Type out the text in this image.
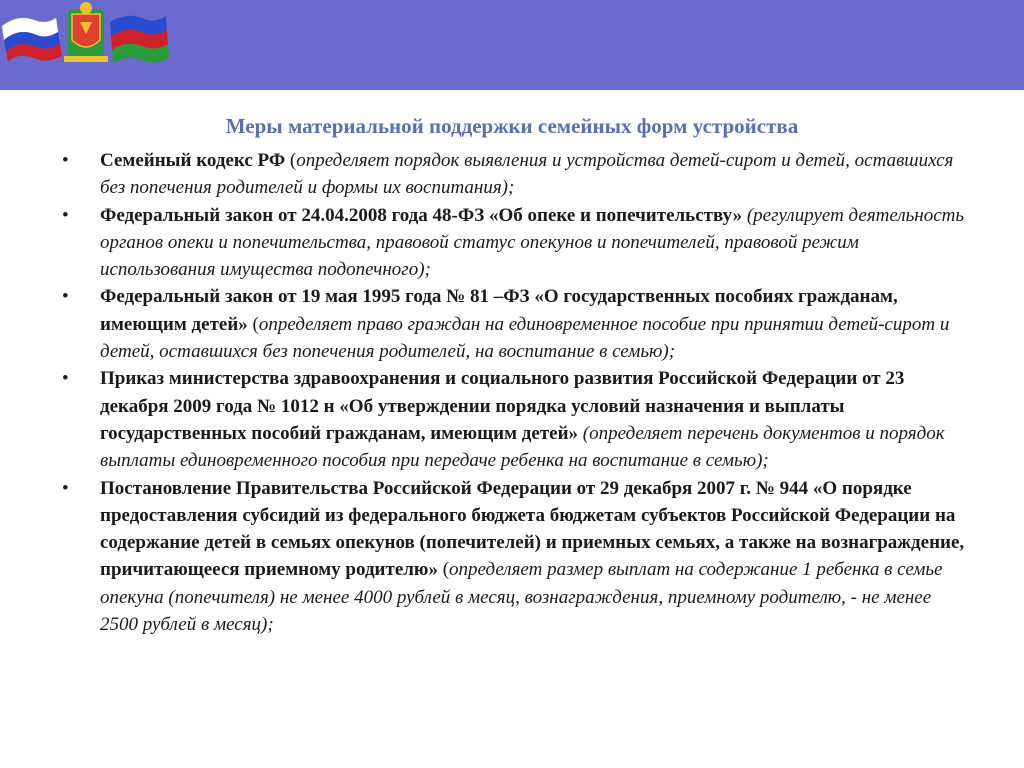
Меры материальной поддержки семейных форм устройства
•	Семейный кодекс РФ (определяет порядок выявления и устройства детей-сирот и детей, оставшихся без попечения родителей и формы их воспитания);
•	Федеральный закон от 24.04.2008 года 48-ФЗ «Об опеке и попечительству» (регулирует деятельность органов опеки и попечительства, правовой статус опекунов и попечителей, правовой режим использования имущества подопечного);
•	Федеральный закон от 19 мая 1995 года № 81 –ФЗ «О государственных пособиях гражданам, имеющим детей» (определяет право граждан на единовременное пособие при принятии детей-сирот и детей, оставшихся без попечения родителей, на воспитание в семью);
•	Приказ министерства здравоохранения и социального развития Российской Федерации от 23 декабря 2009 года № 1012 н «Об утверждении порядка условий назначения и выплаты государственных пособий гражданам, имеющим детей» (определяет перечень документов и порядок выплаты единовременного пособия при передаче ребенка на воспитание в семью);
•	Постановление Правительства Российской Федерации от 29 декабря 2007 г. № 944 «О порядке предоставления субсидий из федерального бюджета бюджетам субъектов Российской Федерации на содержание детей в семьях опекунов (попечителей) и приемных семьях, а также на вознаграждение, причитающееся приемному родителю» (определяет размер выплат на содержание 1 ребенка в семье опекуна (попечителя) не менее 4000 рублей в месяц, вознаграждения, приемному родителю, - не менее 2500 рублей в месяц);
